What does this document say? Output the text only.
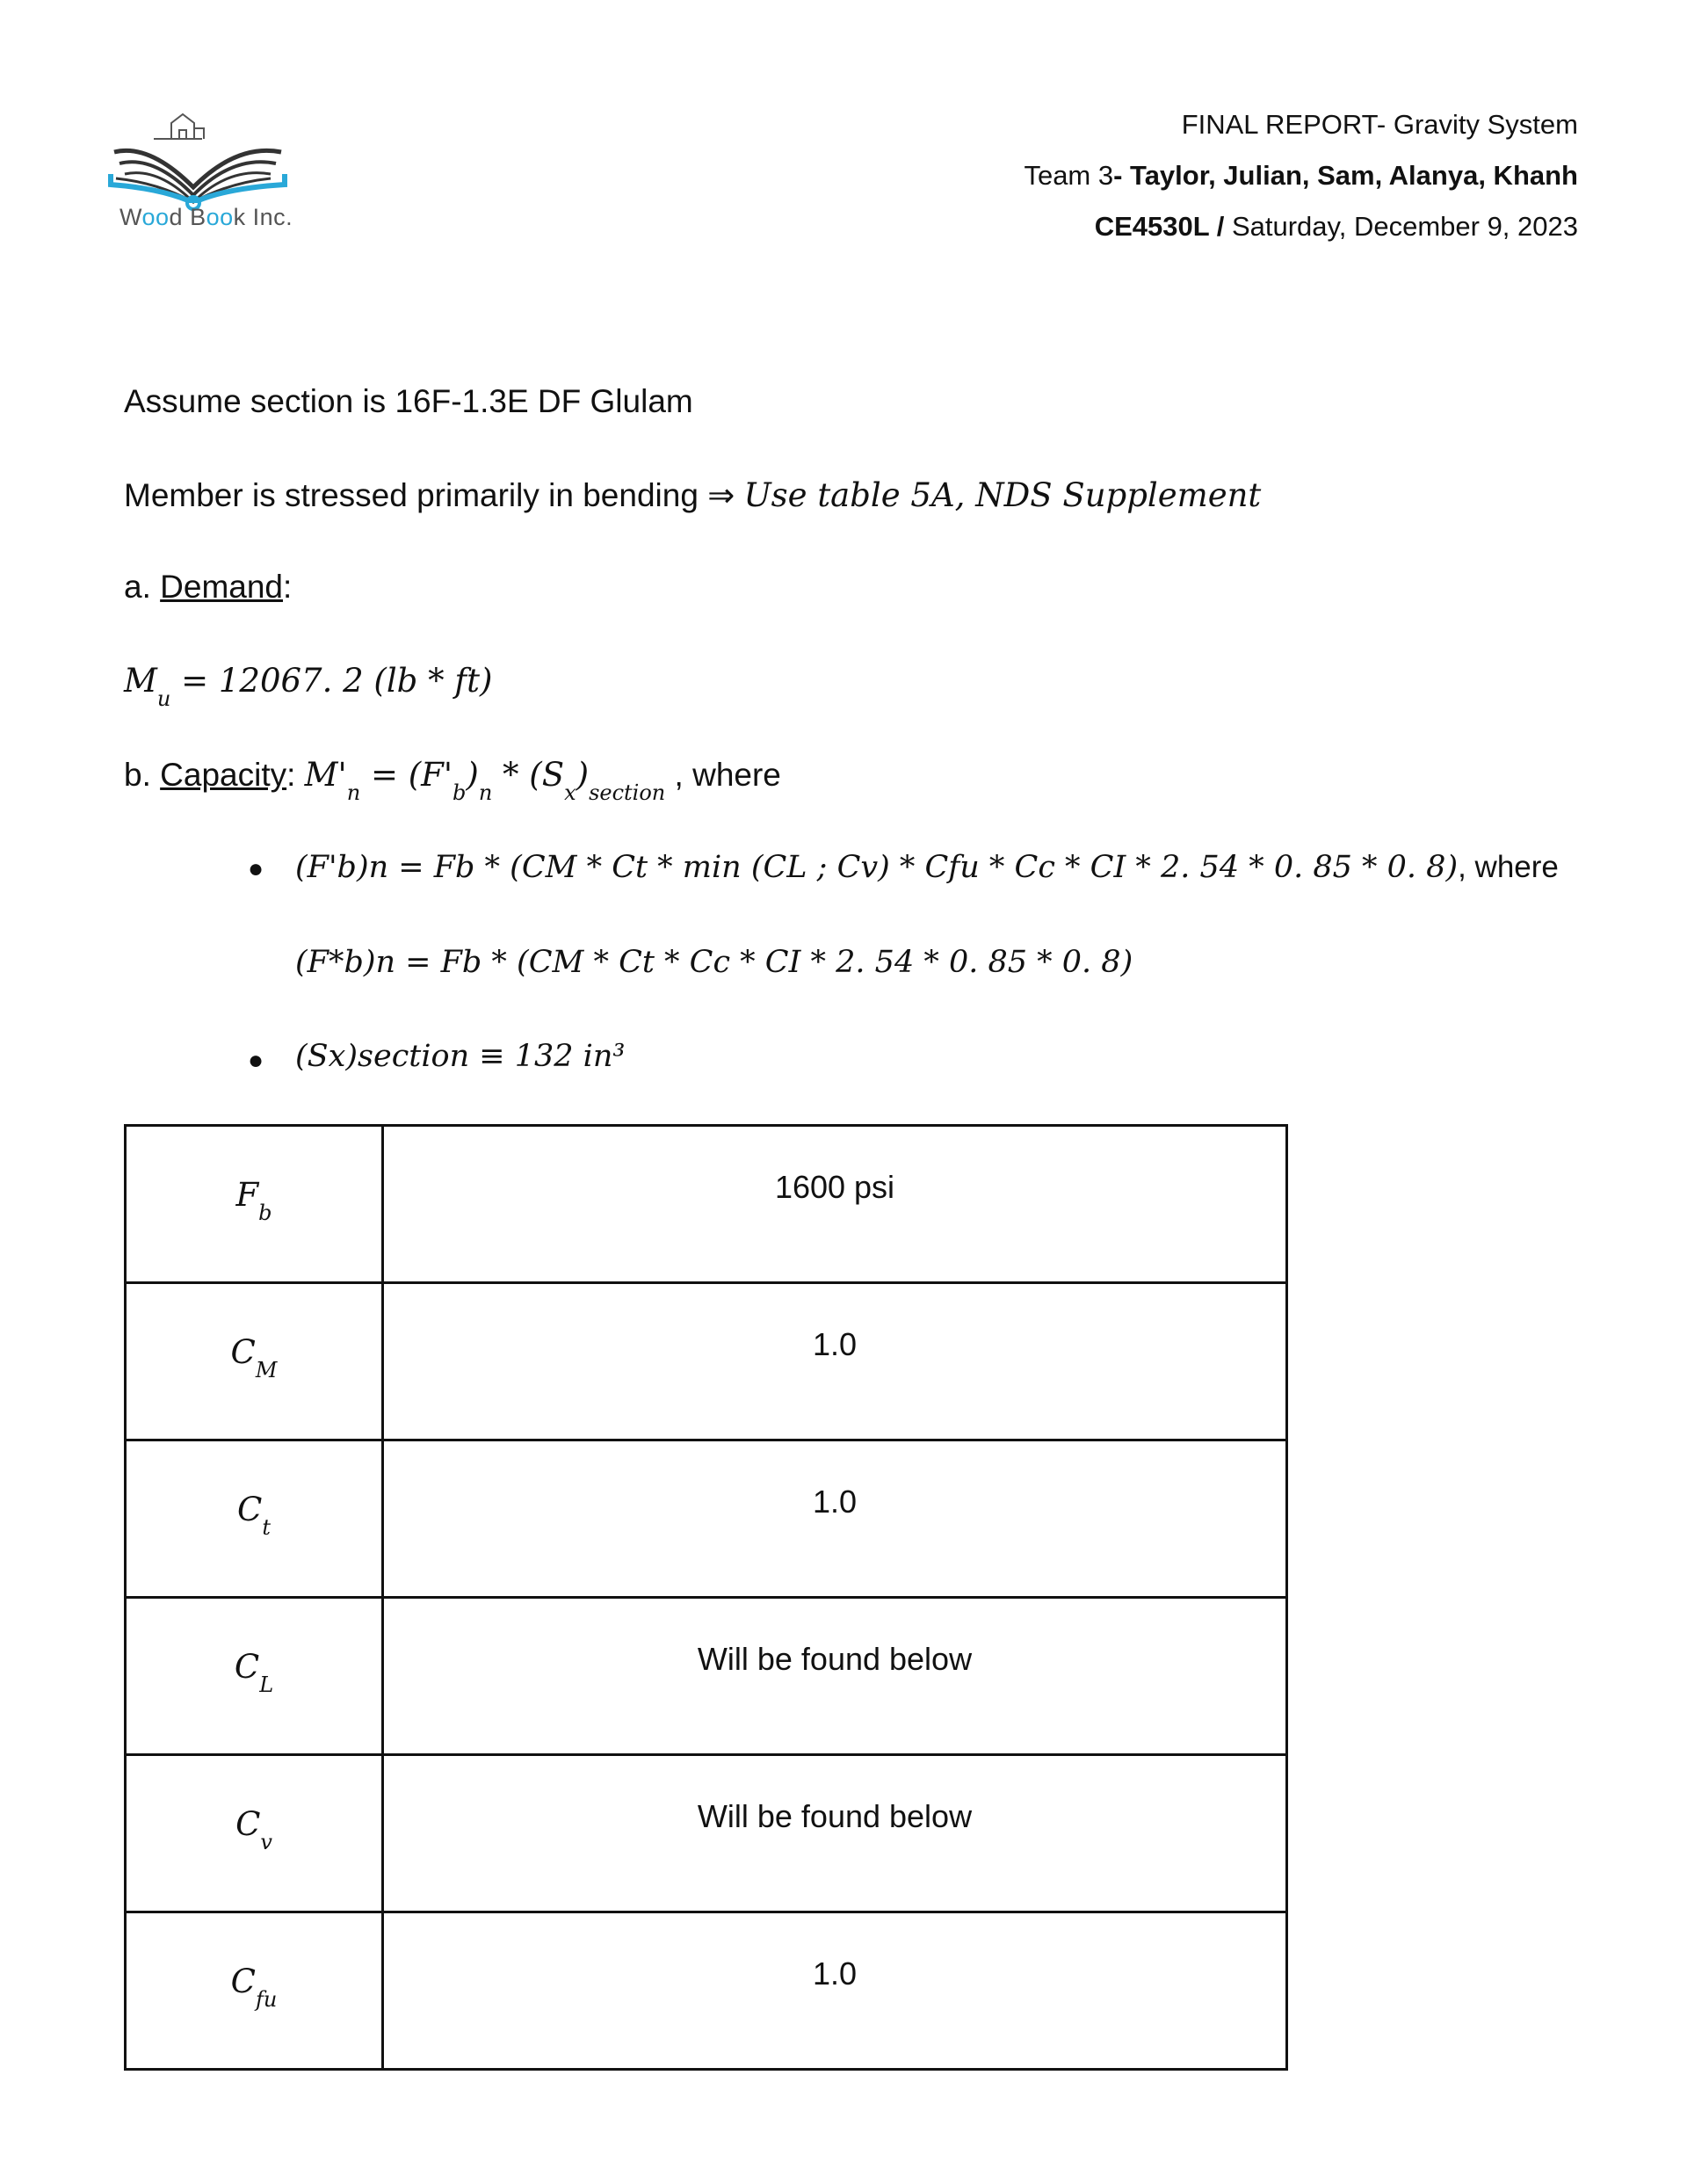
Wood Book Inc.
FINAL REPORT- Gravity System
Team 3- Taylor, Julian, Sam, Alanya, Khanh
CE4530L / Saturday, December 9, 2023
Assume section is 16F-1.3E DF Glulam
Member is stressed primarily in bending ⇒ Use table 5A, NDS Supplement
a. Demand:
$M_u = 12067$. 2 (lb * ft)
b. Capacity: $M'_n = (F'_b)_n * (S_x)_{section}$ , where
● (F'b)n = Fb * (CM * Ct * min (CL ; Cv) * Cfu * Cc * CI * 2. 54 * 0. 85 * 0. 8), where
(F*b)n = Fb * (CM * Ct * Cc * CI * 2. 54 * 0. 85 * 0. 8)
● (Sx)section ≡ 132 in³
$F_b$	1600 psi
$C_M$	1.0
$C_t$	1.0
$C_L$	Will be found below
$C_v$	Will be found below
$C_{fu}$	1.0
